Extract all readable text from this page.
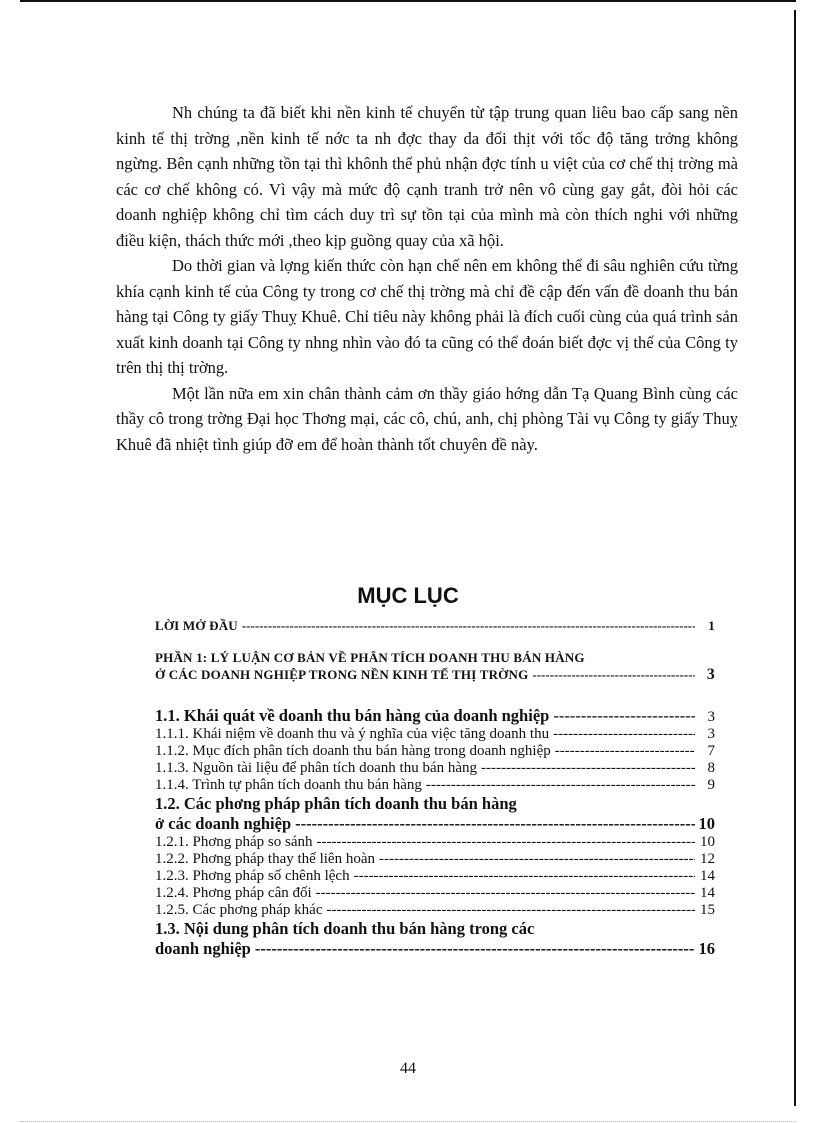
Nh chúng ta đã biết khi nền kinh tế chuyển từ tập trung quan liêu bao cấp sang nền kinh tế thị trờng ,nền kinh tế nớc ta nh đợc thay da đổi thịt với tốc độ tăng trởng không ngừng. Bên cạnh những tồn tại thì khônh thể phủ nhận đợc tính u việt của cơ chế thị trờng mà các cơ chế không có. Vì vậy mà mức độ cạnh tranh trở nên vô cùng gay gắt, đòi hỏi các doanh nghiệp không chỉ tìm cách duy trì sự tồn tại của mình mà còn thích nghi với những điều kiện, thách thức mới ,theo kịp guồng quay của xã hội.

Do thời gian và lợng kiến thức còn hạn chế nên em không thể đi sâu nghiên cứu từng khía cạnh kinh tế của Công ty trong cơ chế thị trờng mà chỉ đề cập đến vấn đề doanh thu bán hàng tại Công ty giấy Thuỵ Khuê. Chỉ tiêu này không phải là đích cuối cùng của quá trình sản xuất kinh doanh tại Công ty nhng nhìn vào đó ta cũng có thể đoán biết đợc vị thế của Công ty trên thị thị trờng.

Một lần nữa em xin chân thành cảm ơn thầy giáo hớng dẫn Tạ Quang Bình cùng các thầy cô trong trờng Đại học Thơng mại, các cô, chú, anh, chị phòng Tài vụ Công ty giấy Thuỵ Khuê đã nhiệt tình giúp đỡ em để hoàn thành tốt chuyên đề này.

MỤC LỤC
LỜI MỞ ĐẦU -----	1
PHẦN 1: LÝ LUẬN CƠ BẢN VỀ PHÂN TÍCH DOANH THU BÁN HÀNG
Ở CÁC DOANH NGHIỆP TRONG NỀN KINH TẾ THỊ TRỜNG -----	3
1.1. Khái quát về doanh thu bán hàng của doanh nghiệp -----	3
1.1.1. Khái niệm về doanh thu và ý nghĩa của việc tăng doanh thu -----	3
1.1.2. Mục đích phân tích doanh thu bán hàng trong doanh nghiệp -----	7
1.1.3. Nguồn tài liệu để phân tích doanh thu bán hàng -----	8
1.1.4. Trình tự phân tích doanh thu bán hàng -----	9
1.2. Các phơng pháp phân tích doanh thu bán hàng
ở các doanh nghiệp -----	10
1.2.1. Phơng pháp so sánh -----	10
1.2.2. Phơng pháp thay thế liên hoàn -----	12
1.2.3. Phơng pháp số chênh lệch -----	14
1.2.4. Phơng pháp cân đối -----	14
1.2.5. Các phơng pháp khác -----	15
1.3. Nội dung phân tích doanh thu bán hàng trong các
doanh nghiệp -----	16
44
